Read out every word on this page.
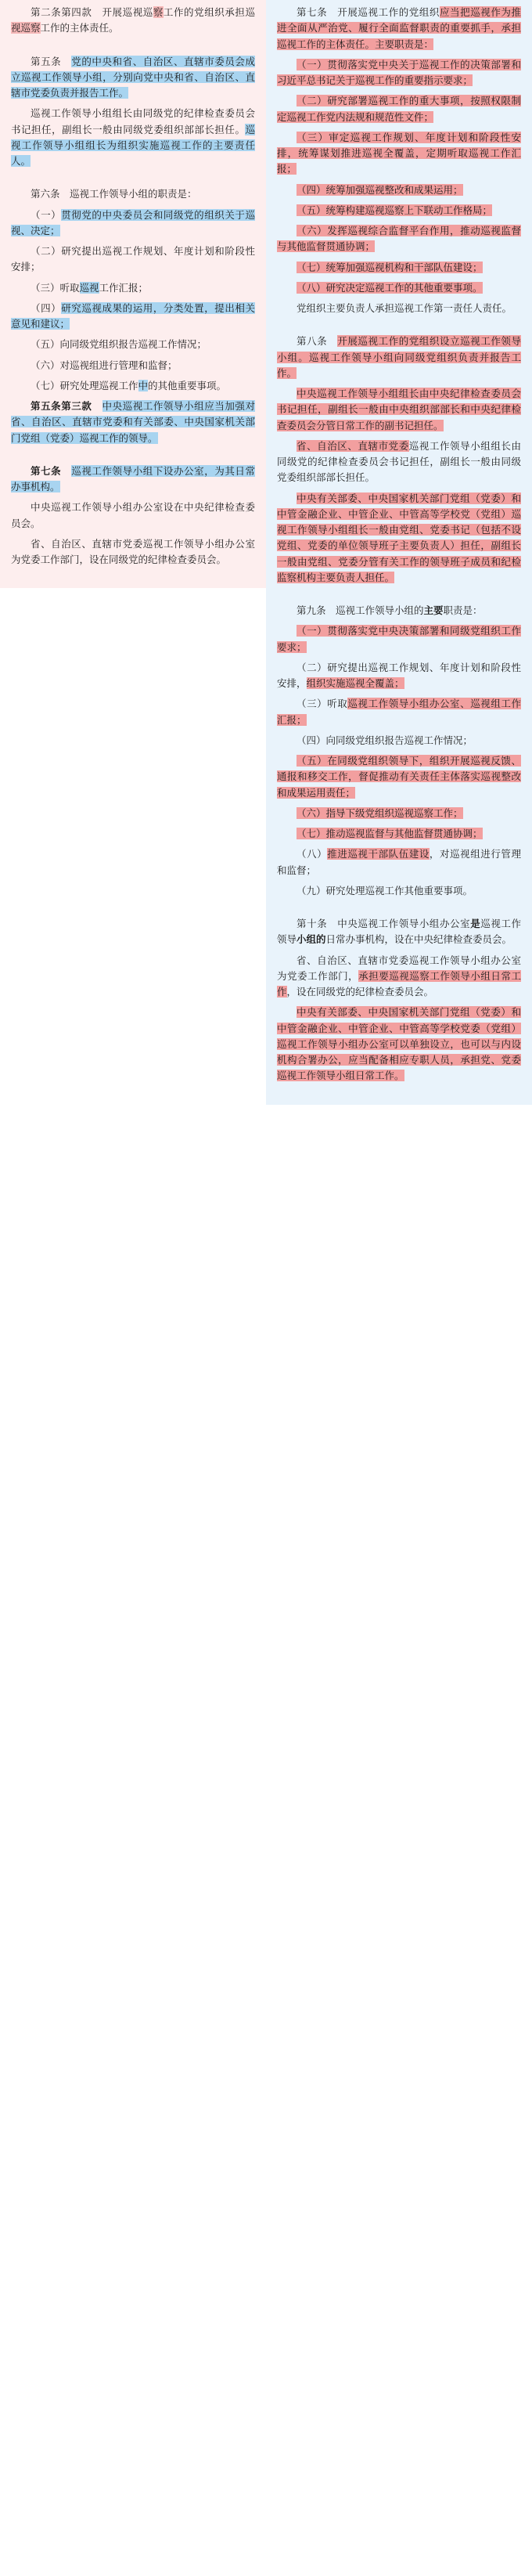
第二条第四款　开展巡视巡察工作的党组织承担巡视巡察工作的主体责任。

第五条　党的中央和省、自治区、直辖市委员会成立巡视工作领导小组，分别向党中央和省、自治区、直辖市党委负责并报告工作。

巡视工作领导小组组长由同级党的纪律检查委员会书记担任，副组长一般由同级党委组织部部长担任。巡视工作领导小组组长为组织实施巡视工作的主要责任人。

第六条　巡视工作领导小组的职责是：

（一）贯彻党的中央委员会和同级党的组织关于巡视、决定；

（二）研究提出巡视工作规划、年度计划和阶段性安排；

（三）听取巡视工作汇报；

（四）研究巡视成果的运用，分类处置，提出相关意见和建议；

（五）向同级党组织报告巡视工作情况；

（六）对巡视组进行管理和监督；

（七）研究处理巡视工作中的其他重要事项。

第五条第三款　中央巡视工作领导小组应当加强对省、自治区、直辖市党委和有关部委、中央国家机关部门党组（党委）巡视工作的领导。

第七条　巡视工作领导小组下设办公室，为其日常办事机构。

中央巡视工作领导小组办公室设在中央纪律检查委员会。

省、自治区、直辖市党委巡视工作领导小组办公室为党委工作部门，设在同级党的纪律检查委员会。

第七条　开展巡视工作的党组织应当把巡视作为推进全面从严治党、履行全面监督职责的重要抓手，承担巡视工作的主体责任。主要职责是：

（一）贯彻落实党中央关于巡视工作的决策部署和习近平总书记关于巡视工作的重要指示要求；

（二）研究部署巡视工作的重大事项，按照权限制定巡视工作党内法规和规范性文件；

（三）审定巡视工作规划、年度计划和阶段性安排，统筹谋划推进巡视全覆盖，定期听取巡视工作汇报；

（四）统筹加强巡视整改和成果运用；

（五）统筹构建巡视巡察上下联动工作格局；

（六）发挥巡视综合监督平台作用，推动巡视监督与其他监督贯通协调；

（七）统筹加强巡视机构和干部队伍建设；

（八）研究决定巡视工作的其他重要事项。

党组织主要负责人承担巡视工作第一责任人责任。

第八条　开展巡视工作的党组织设立巡视工作领导小组。巡视工作领导小组向同级党组织负责并报告工作。

中央巡视工作领导小组组长由中央纪律检查委员会书记担任，副组长一般由中央组织部部长和中央纪律检查委员会分管日常工作的副书记担任。

省、自治区、直辖市党委巡视工作领导小组组长由同级党的纪律检查委员会书记担任，副组长一般由同级党委组织部部长担任。

中央有关部委、中央国家机关部门党组（党委）和中管金融企业、中管企业、中管高等学校党（党组）巡视工作领导小组组长一般由党组、党委书记（包括不设党组、党委的单位领导班子主要负责人）担任，副组长一般由党组、党委分管有关工作的领导班子成员和纪检监察机构主要负责人担任。

第九条　巡视工作领导小组的主要职责是：

（一）贯彻落实党中央决策部署和同级党组织工作要求；

（二）研究提出巡视工作规划、年度计划和阶段性安排，组织实施巡视全覆盖；

（三）听取巡视工作领导小组办公室、巡视组工作汇报；

（四）向同级党组织报告巡视工作情况；

（五）在同级党组织领导下，组织开展巡视反馈、通报和移交工作，督促推动有关责任主体落实巡视整改和成果运用责任；

（六）指导下级党组织巡视巡察工作；

（七）推动巡视监督与其他监督贯通协调；

（八）推进巡视干部队伍建设，对巡视组进行管理和监督；

（九）研究处理巡视工作其他重要事项。

第十条　中央巡视工作领导小组办公室是巡视工作领导小组的日常办事机构，设在中央纪律检查委员会。

省、自治区、直辖市党委巡视工作领导小组办公室为党委工作部门，承担要巡视巡察工作领导小组日常工作，设在同级党的纪律检查委员会。

中央有关部委、中央国家机关部门党组（党委）和中管金融企业、中管企业、中管高等学校党委（党组）巡视工作领导小组办公室可以单独设立，也可以与内设机构合署办公，应当配备相应专职人员，承担党、党委巡视工作领导小组日常工作。
